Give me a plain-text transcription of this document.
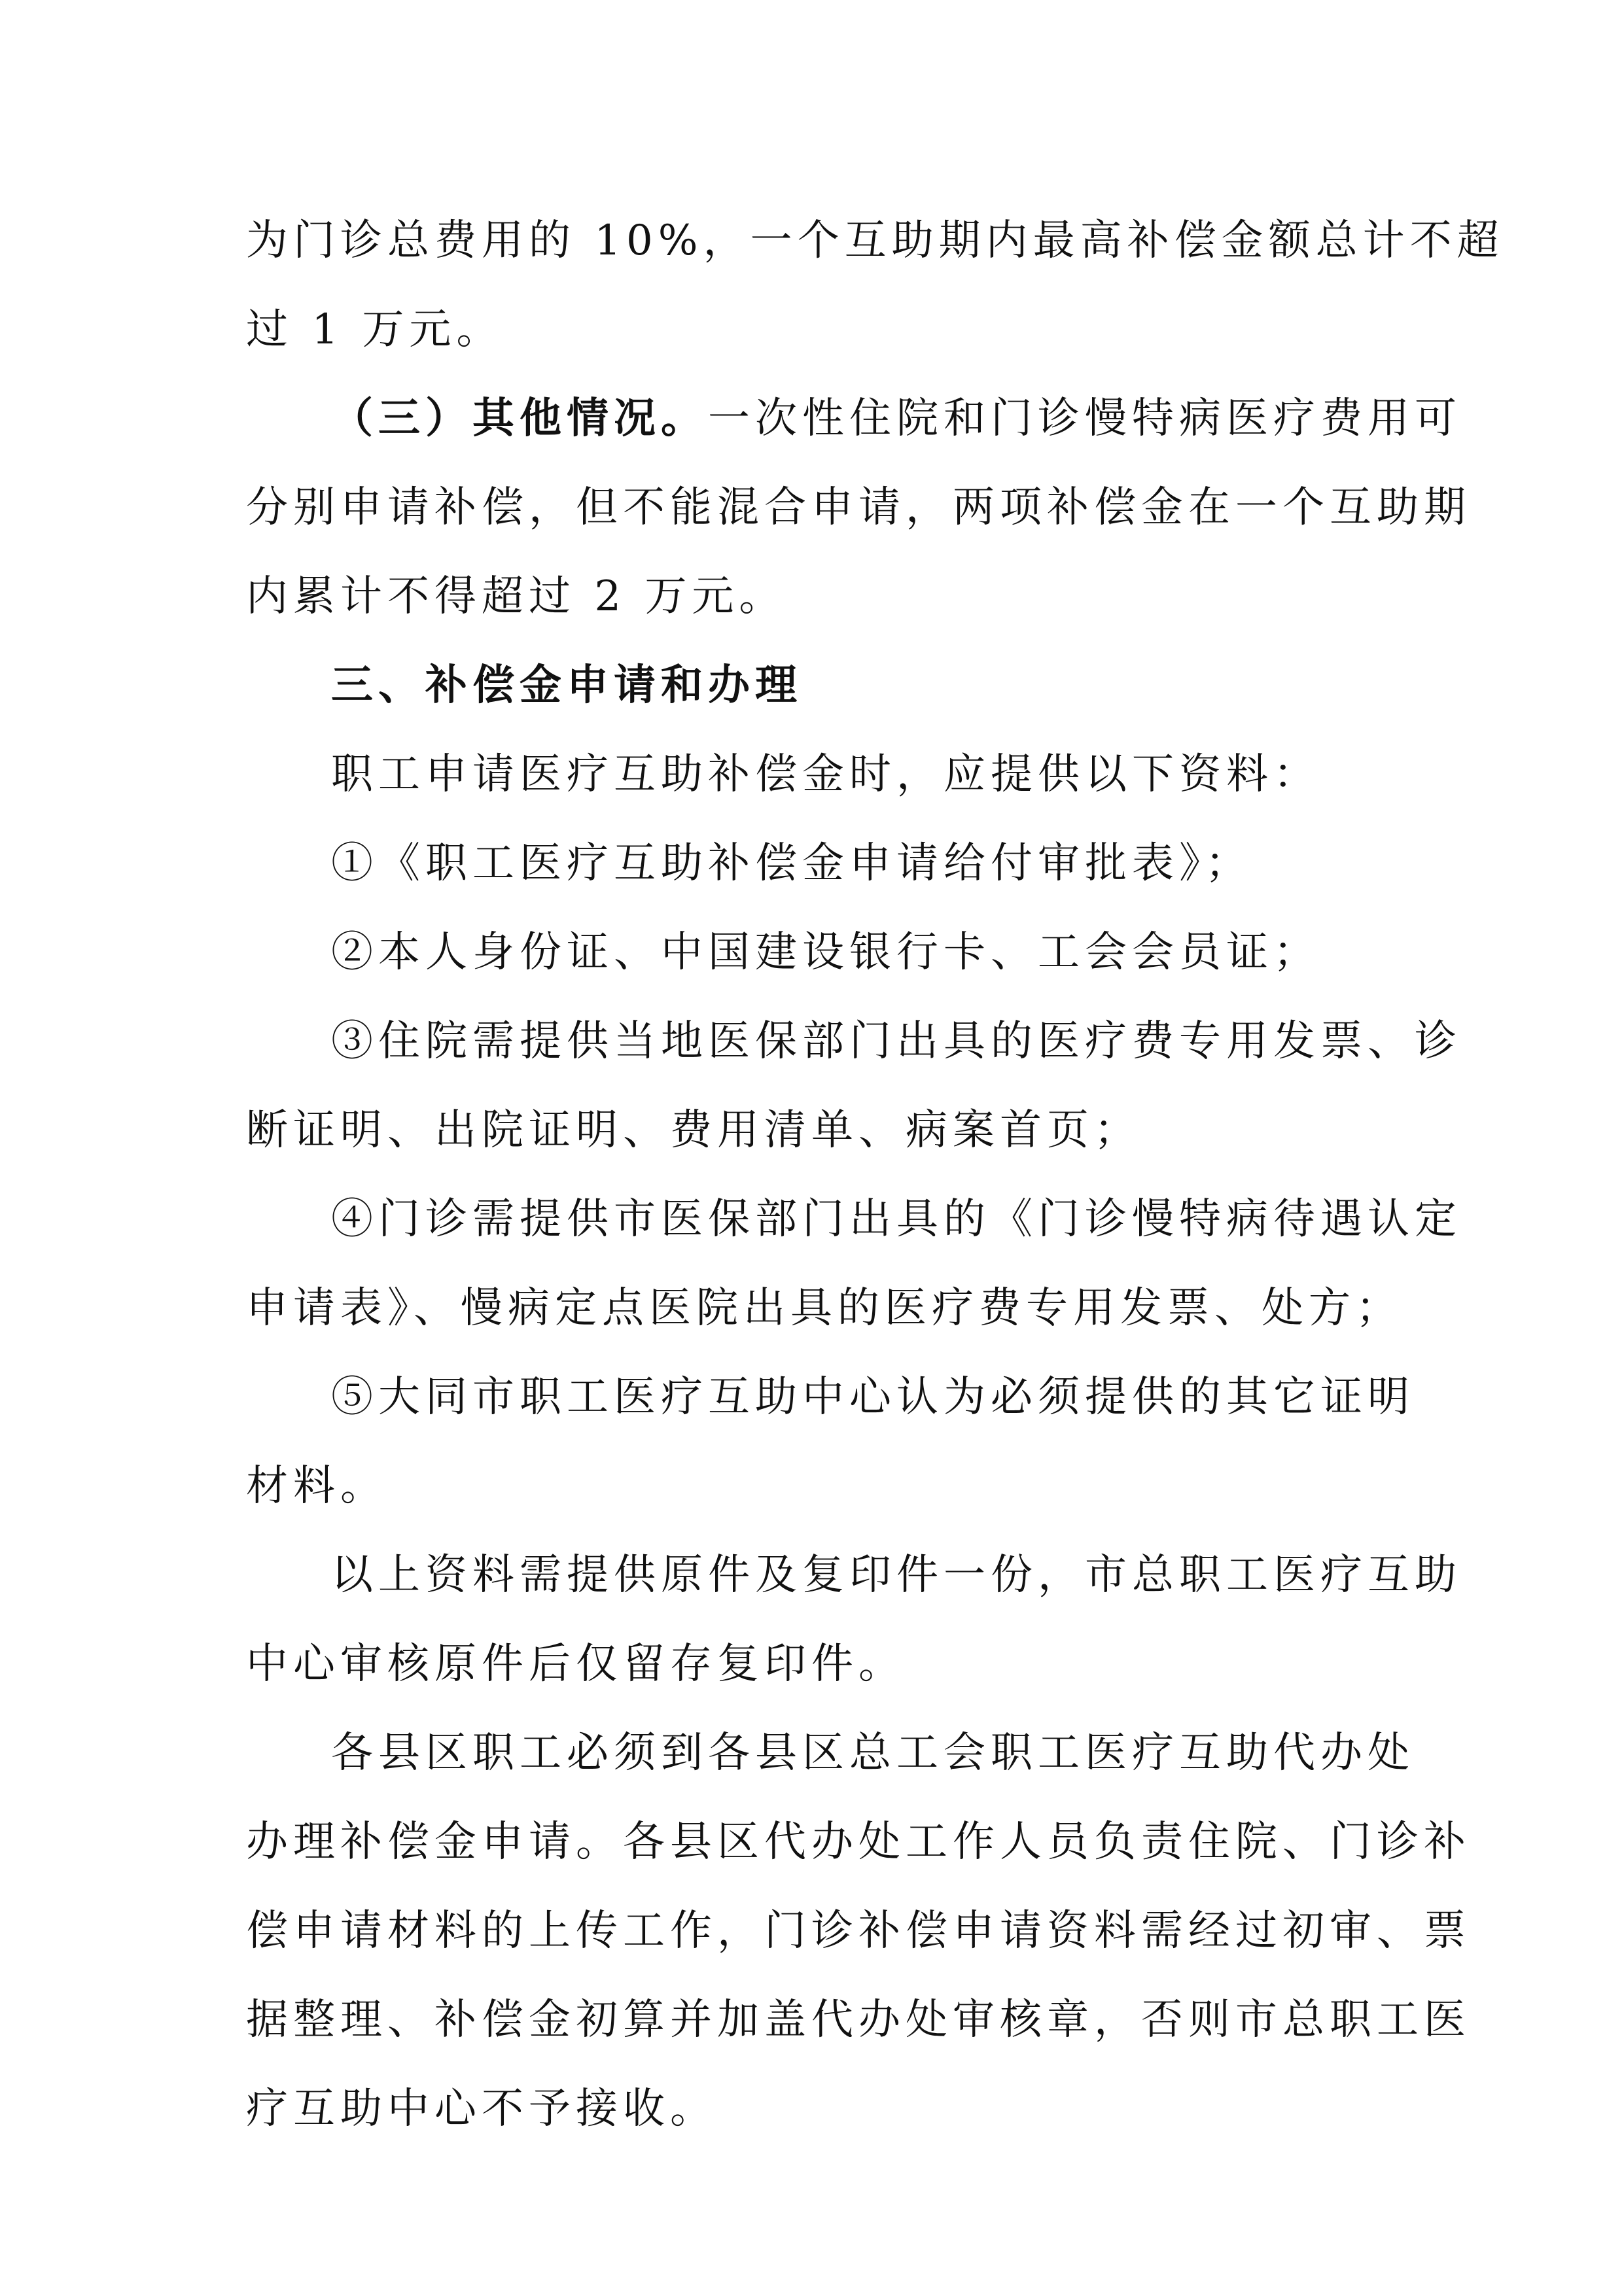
为门诊总费用的 10%，一个互助期内最高补偿金额总计不超
过 1 万元。
（三）其他情况。一次性住院和门诊慢特病医疗费用可
分别申请补偿，但不能混合申请，两项补偿金在一个互助期
内累计不得超过 2 万元。
三、补偿金申请和办理
职工申请医疗互助补偿金时，应提供以下资料：
①《职工医疗互助补偿金申请给付审批表》；
②本人身份证、中国建设银行卡、工会会员证；
③住院需提供当地医保部门出具的医疗费专用发票、诊
断证明、出院证明、费用清单、病案首页；
④门诊需提供市医保部门出具的《门诊慢特病待遇认定
申请表》、慢病定点医院出具的医疗费专用发票、处方；
⑤大同市职工医疗互助中心认为必须提供的其它证明
材料。
以上资料需提供原件及复印件一份，市总职工医疗互助
中心审核原件后仅留存复印件。
各县区职工必须到各县区总工会职工医疗互助代办处
办理补偿金申请。各县区代办处工作人员负责住院、门诊补
偿申请材料的上传工作，门诊补偿申请资料需经过初审、票
据整理、补偿金初算并加盖代办处审核章，否则市总职工医
疗互助中心不予接收。
